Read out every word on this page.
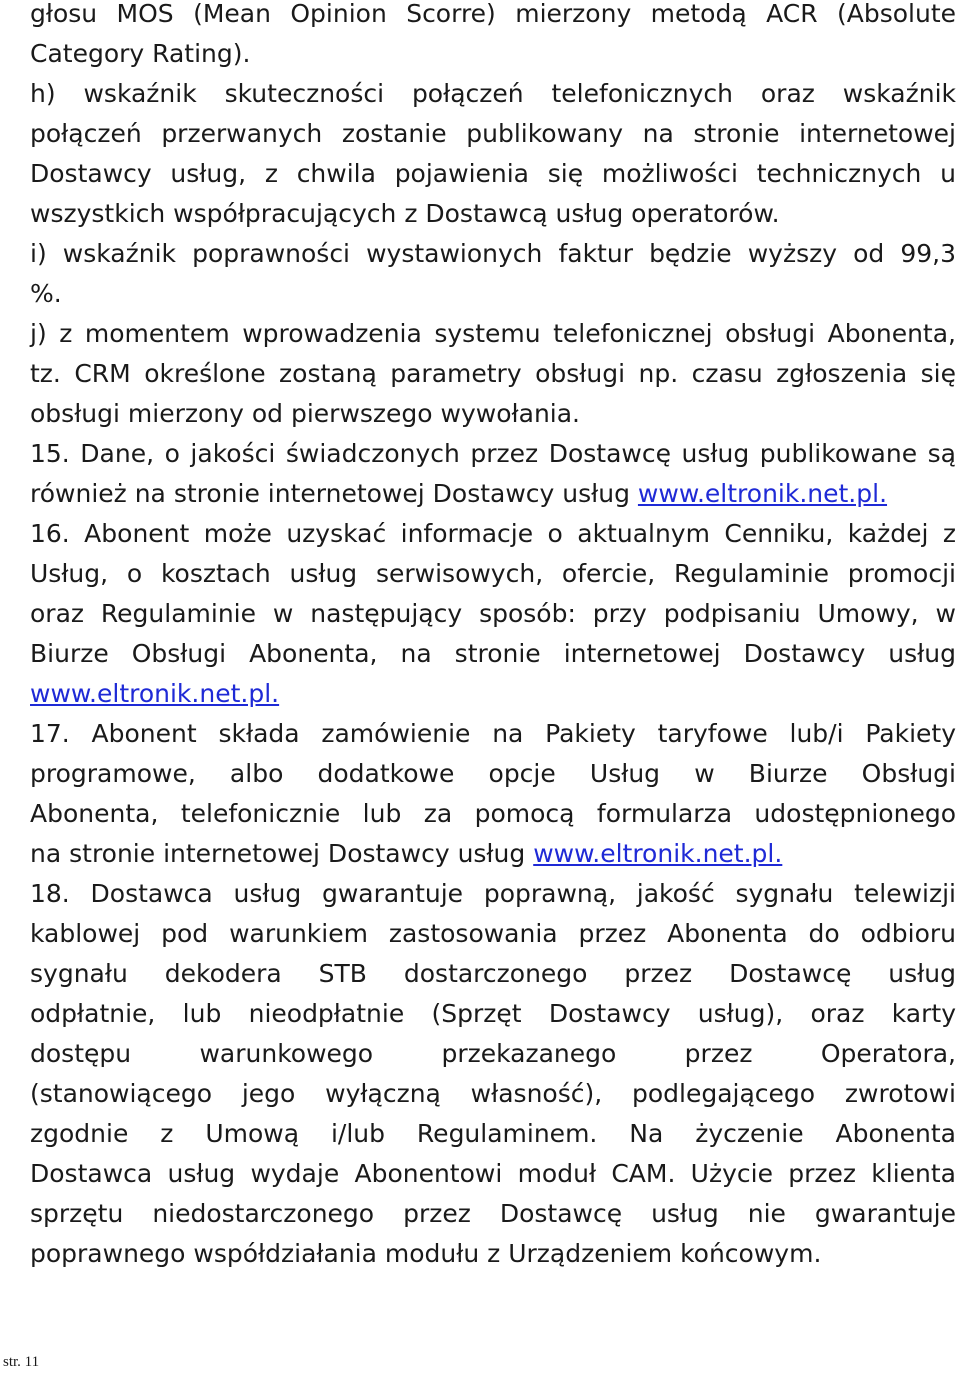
głosu MOS (Mean Opinion Scorre) mierzony metodą ACR (Absolute
Category Rating).
h) wskaźnik skuteczności połączeń telefonicznych oraz wskaźnik
połączeń przerwanych zostanie publikowany na stronie internetowej
Dostawcy usług, z chwila pojawienia się możliwości technicznych u
wszystkich współpracujących z Dostawcą usług operatorów.
i) wskaźnik poprawności wystawionych faktur będzie wyższy od 99,3
%.
j) z momentem wprowadzenia systemu telefonicznej obsługi Abonenta,
tz. CRM określone zostaną parametry obsługi np. czasu zgłoszenia się
obsługi mierzony od pierwszego wywołania.
15. Dane, o jakości świadczonych przez Dostawcę usług publikowane są
również na stronie internetowej Dostawcy usług www.eltronik.net.pl.
16. Abonent może uzyskać informacje o aktualnym Cenniku, każdej z
Usług, o kosztach usług serwisowych, ofercie, Regulaminie promocji
oraz Regulaminie w następujący sposób: przy podpisaniu Umowy, w
Biurze Obsługi Abonenta, na stronie internetowej Dostawcy usług
www.eltronik.net.pl.
17. Abonent składa zamówienie na Pakiety taryfowe lub/i Pakiety
programowe, albo dodatkowe opcje Usług w Biurze Obsługi
Abonenta, telefonicznie lub za pomocą formularza udostępnionego
na stronie internetowej Dostawcy usług www.eltronik.net.pl.
18. Dostawca usług gwarantuje poprawną, jakość sygnału telewizji
kablowej pod warunkiem zastosowania przez Abonenta do odbioru
sygnału dekodera STB dostarczonego przez Dostawcę usług
odpłatnie, lub nieodpłatnie (Sprzęt Dostawcy usług), oraz karty
dostępu warunkowego przekazanego przez Operatora,
(stanowiącego jego wyłączną własność), podlegającego zwrotowi
zgodnie z Umową i/lub Regulaminem. Na życzenie Abonenta
Dostawca usług wydaje Abonentowi moduł CAM. Użycie przez klienta
sprzętu niedostarczonego przez Dostawcę usług nie gwarantuje
poprawnego współdziałania modułu z Urządzeniem końcowym.
str. 11
